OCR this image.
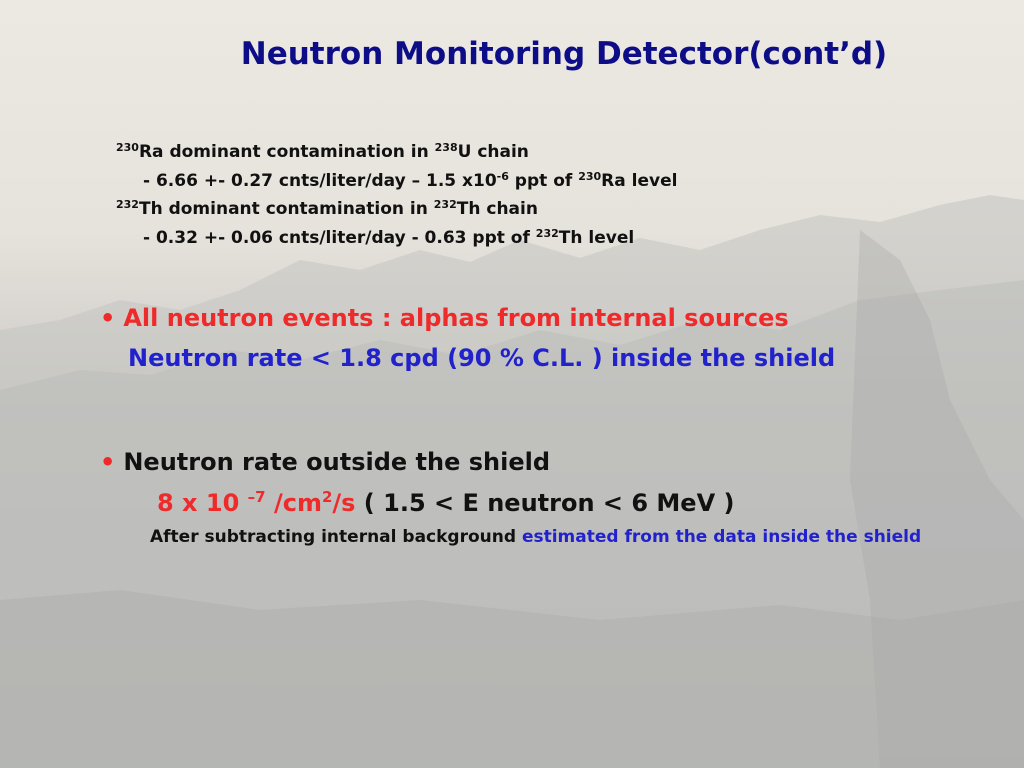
Neutron Monitoring Detector(cont’d)
$^{230}$Ra dominant contamination in $^{238}$U chain
- 6.66 +- 0.27 cnts/liter/day – 1.5 $x10^{-6}$ ppt of $^{230}$Ra level
$^{232}$Th dominant contamination in $^{232}$Th chain
- 0.32 +- 0.06 cnts/liter/day - 0.63 ppt of $^{232}$Th level
• All neutron events : alphas from internal sources
Neutron rate < 1.8 cpd (90 % C.L. ) inside the shield
• Neutron rate outside the shield
8 x 10 $^{-7}$ $/cm^2/s$ ( 1.5 < E neutron < 6 MeV )
After subtracting internal background estimated from the data inside the shield
